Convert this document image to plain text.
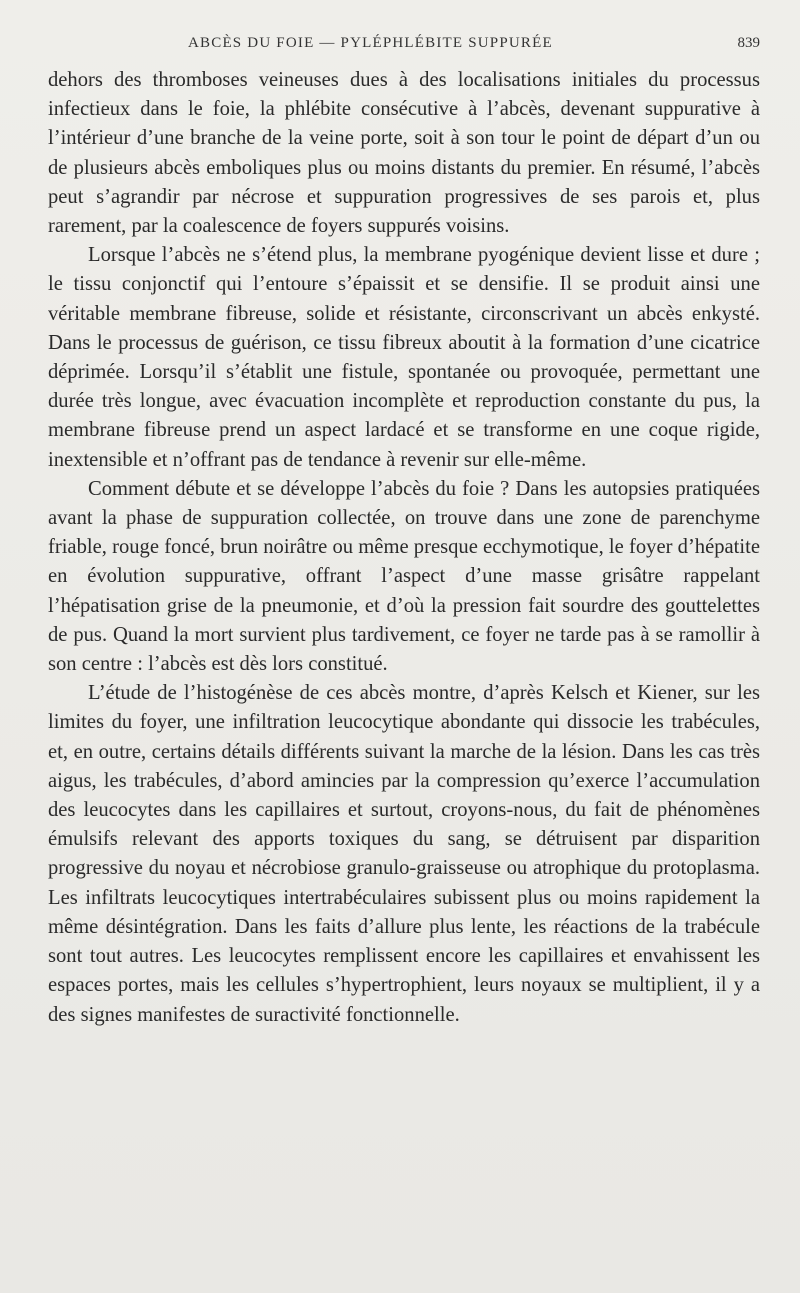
ABCÈS DU FOIE — PYLÉPHLÉBITE SUPPURÉE	839

dehors des thromboses veineuses dues à des localisations initiales du processus infectieux dans le foie, la phlébite consécutive à l’abcès, devenant suppurative à l’intérieur d’une branche de la veine porte, soit à son tour le point de départ d’un ou de plusieurs abcès emboliques plus ou moins distants du premier. En résumé, l’abcès peut s’agrandir par nécrose et suppuration progressives de ses parois et, plus rarement, par la coalescence de foyers suppurés voisins.

Lorsque l’abcès ne s’étend plus, la membrane pyogénique devient lisse et dure ; le tissu conjonctif qui l’entoure s’épaissit et se densifie. Il se produit ainsi une véritable membrane fibreuse, solide et résistante, circonscrivant un abcès enkysté. Dans le processus de guérison, ce tissu fibreux aboutit à la formation d’une cicatrice déprimée. Lorsqu’il s’établit une fistule, spontanée ou provoquée, permettant une durée très longue, avec évacuation incomplète et reproduction constante du pus, la membrane fibreuse prend un aspect lardacé et se transforme en une coque rigide, inextensible et n’offrant pas de tendance à revenir sur elle-même.

Comment débute et se développe l’abcès du foie ? Dans les autopsies pratiquées avant la phase de suppuration collectée, on trouve dans une zone de parenchyme friable, rouge foncé, brun noirâtre ou même presque ecchymotique, le foyer d’hépatite en évolution suppurative, offrant l’aspect d’une masse grisâtre rappelant l’hépatisation grise de la pneumonie, et d’où la pression fait sourdre des gouttelettes de pus. Quand la mort survient plus tardivement, ce foyer ne tarde pas à se ramollir à son centre : l’abcès est dès lors constitué.

L’étude de l’histogénèse de ces abcès montre, d’après Kelsch et Kiener, sur les limites du foyer, une infiltration leucocytique abondante qui dissocie les trabécules, et, en outre, certains détails différents suivant la marche de la lésion. Dans les cas très aigus, les trabécules, d’abord amincies par la compression qu’exerce l’accumulation des leucocytes dans les capillaires et surtout, croyons-nous, du fait de phénomènes émulsifs relevant des apports toxiques du sang, se détruisent par disparition progressive du noyau et nécrobiose granulo-graisseuse ou atrophique du protoplasma. Les infiltrats leucocytiques intertrabéculaires subissent plus ou moins rapidement la même désintégration. Dans les faits d’allure plus lente, les réactions de la trabécule sont tout autres. Les leucocytes remplissent encore les capillaires et envahissent les espaces portes, mais les cellules s’hypertrophient, leurs noyaux se multiplient, il y a des signes manifestes de suractivité fonctionnelle.
